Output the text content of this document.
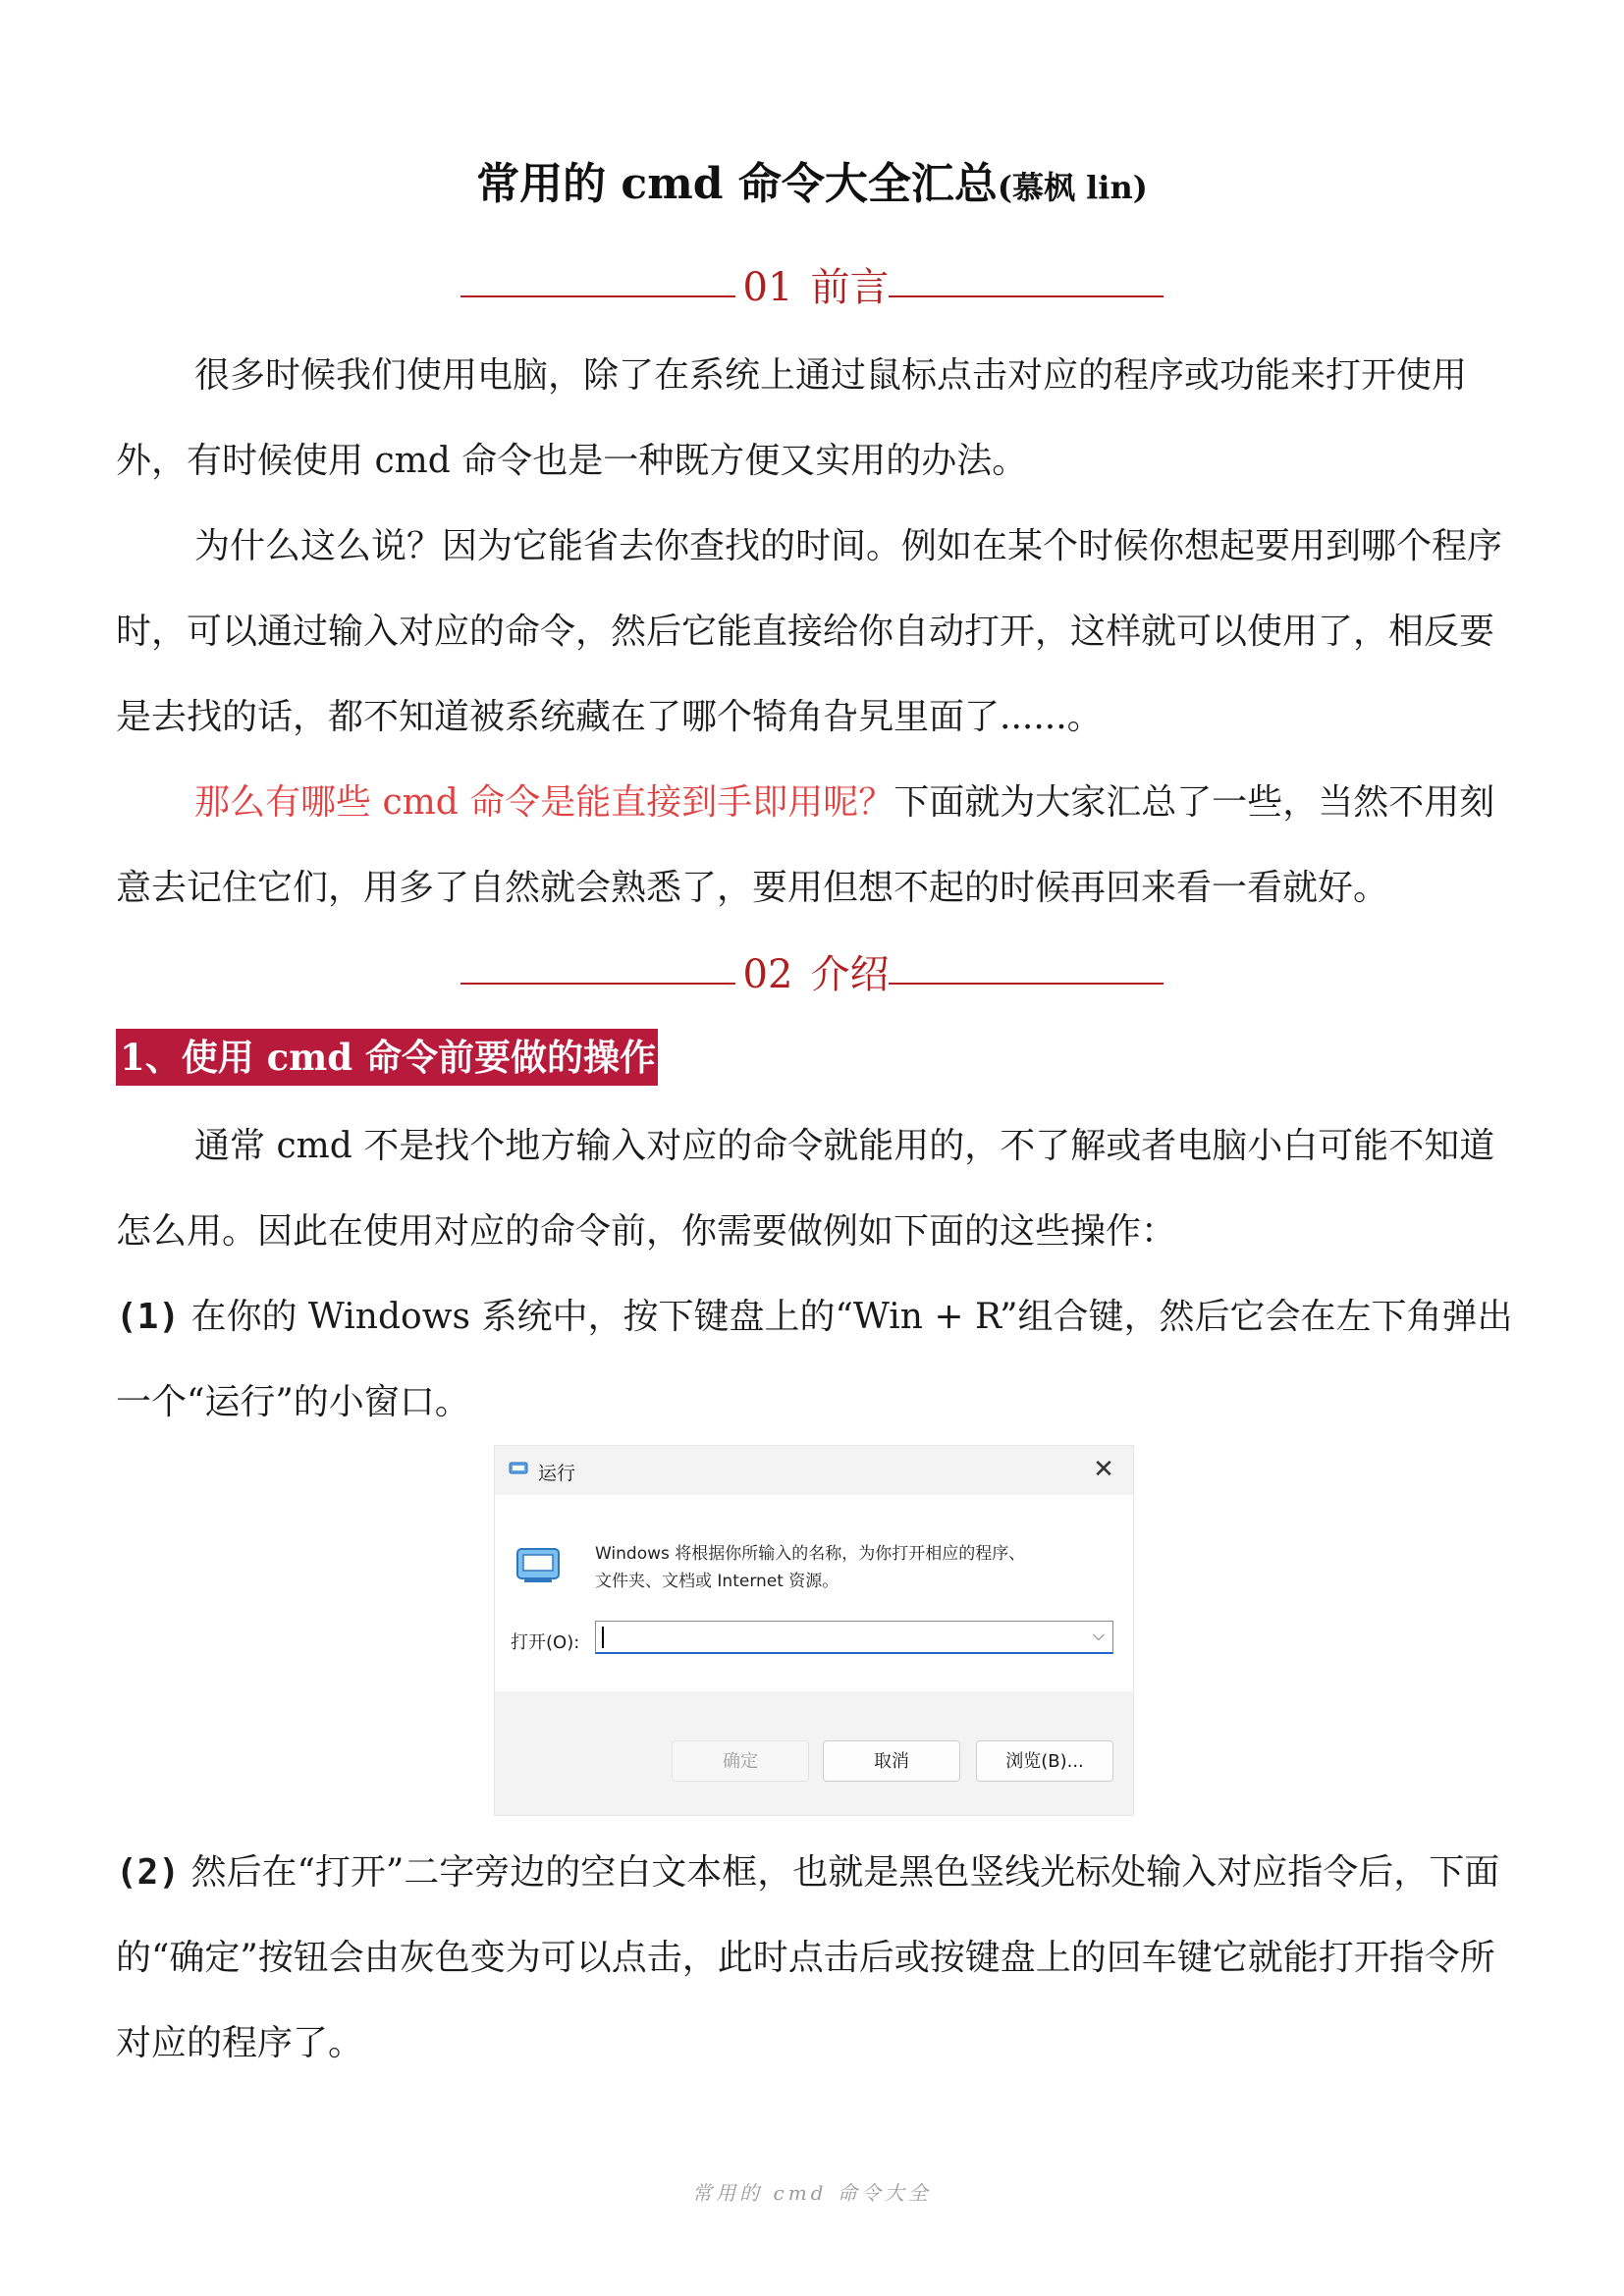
常用的 cmd 命令大全汇总(慕枫 lin)
01 前言
很多时候我们使用电脑，除了在系统上通过鼠标点击对应的程序或功能来打开使用外，有时候使用 cmd 命令也是一种既方便又实用的办法。
为什么这么说？因为它能省去你查找的时间。例如在某个时候你想起要用到哪个程序时，可以通过输入对应的命令，然后它能直接给你自动打开，这样就可以使用了，相反要是去找的话，都不知道被系统藏在了哪个犄角旮旯里面了......。
那么有哪些 cmd 命令是能直接到手即用呢？下面就为大家汇总了一些，当然不用刻意去记住它们，用多了自然就会熟悉了，要用但想不起的时候再回来看一看就好。
02 介绍
1、使用 cmd 命令前要做的操作
通常 cmd 不是找个地方输入对应的命令就能用的，不了解或者电脑小白可能不知道怎么用。因此在使用对应的命令前，你需要做例如下面的这些操作：
(1) 在你的 Windows 系统中，按下键盘上的“Win + R”组合键，然后它会在左下角弹出一个“运行”的小窗口。
运行	✕
Windows 将根据你所输入的名称，为你打开相应的程序、
文件夹、文档或 Internet 资源。
打开(O):	⌵
确定	取消	浏览(B)...
(2) 然后在“打开”二字旁边的空白文本框，也就是黑色竖线光标处输入对应指令后，下面的“确定”按钮会由灰色变为可以点击，此时点击后或按键盘上的回车键它就能打开指令所对应的程序了。
常用的 cmd 命令大全
